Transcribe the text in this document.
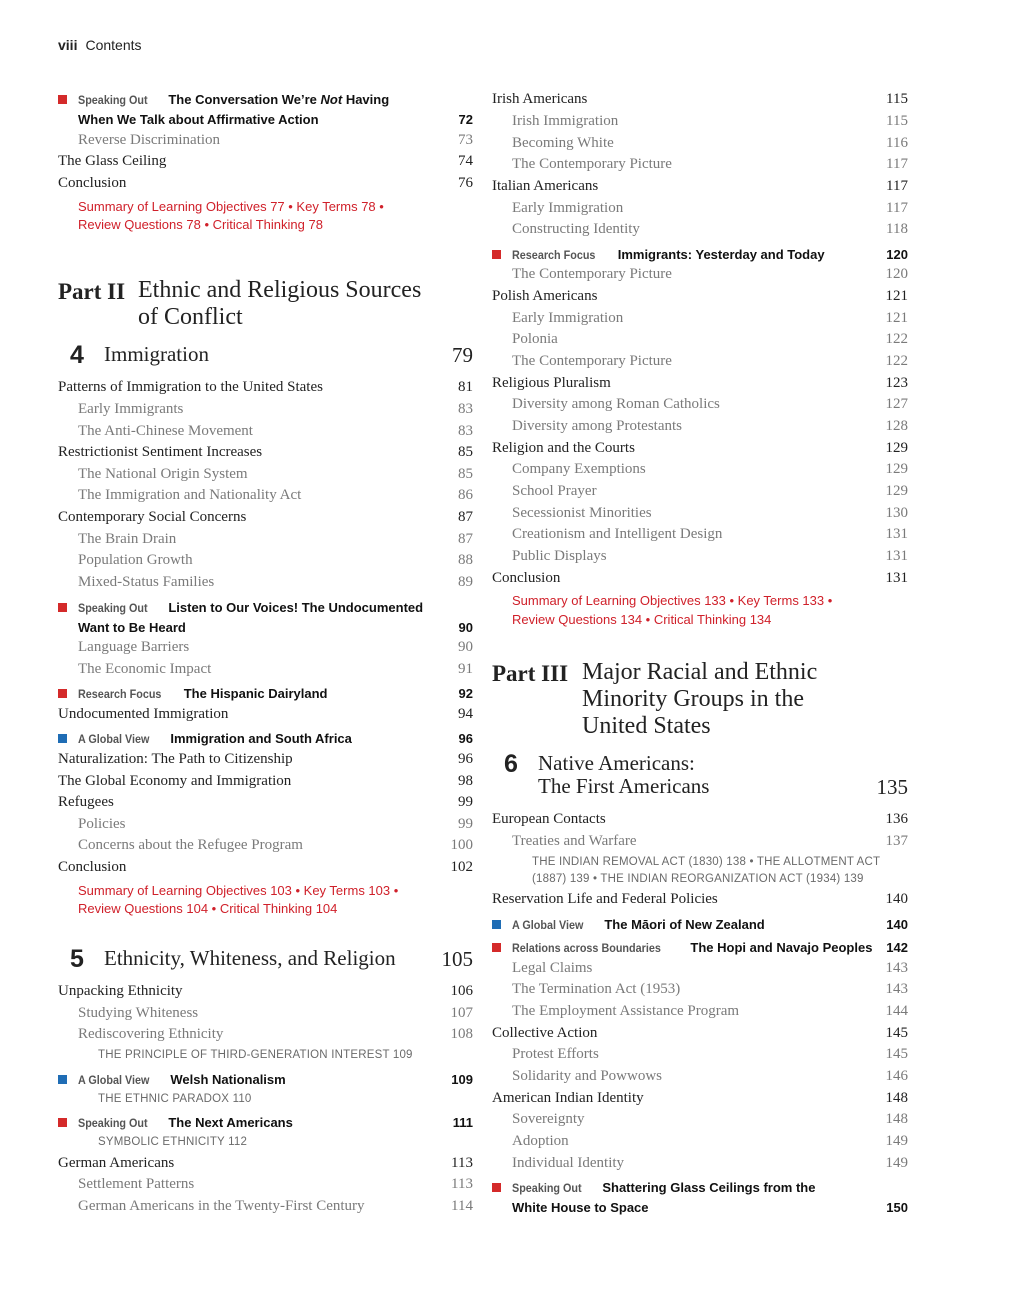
viii Contents
Speaking Out The Conversation We’re Not Having
When We Talk about Affirmative Action	72
Reverse Discrimination	73
The Glass Ceiling	74
Conclusion	76
Summary of Learning Objectives 77 • Key Terms 78 •
Review Questions 78 • Critical Thinking 78
Part II Ethnic and Religious Sources
of Conflict
4 Immigration	79
Patterns of Immigration to the United States	81
Early Immigrants	83
The Anti-Chinese Movement	83
Restrictionist Sentiment Increases	85
The National Origin System	85
The Immigration and Nationality Act	86
Contemporary Social Concerns	87
The Brain Drain	87
Population Growth	88
Mixed-Status Families	89
Speaking Out Listen to Our Voices! The Undocumented
Want to Be Heard	90
Language Barriers	90
The Economic Impact	91
Research Focus The Hispanic Dairyland	92
Undocumented Immigration	94
A Global View Immigration and South Africa	96
Naturalization: The Path to Citizenship	96
The Global Economy and Immigration	98
Refugees	99
Policies	99
Concerns about the Refugee Program	100
Conclusion	102
Summary of Learning Objectives 103 • Key Terms 103 •
Review Questions 104 • Critical Thinking 104
5 Ethnicity, Whiteness, and Religion 105
Unpacking Ethnicity	106
Studying Whiteness	107
Rediscovering Ethnicity	108
THE PRINCIPLE OF THIRD-GENERATION INTEREST 109
A Global View Welsh Nationalism	109
THE ETHNIC PARADOX 110
Speaking Out The Next Americans	111
SYMBOLIC ETHNICITY 112
German Americans	113
Settlement Patterns	113
German Americans in the Twenty-First Century	114
Irish Americans	115
Irish Immigration	115
Becoming White	116
The Contemporary Picture	117
Italian Americans	117
Early Immigration	117
Constructing Identity	118
Research Focus Immigrants: Yesterday and Today	120
The Contemporary Picture	120
Polish Americans	121
Early Immigration	121
Polonia	122
The Contemporary Picture	122
Religious Pluralism	123
Diversity among Roman Catholics	127
Diversity among Protestants	128
Religion and the Courts	129
Company Exemptions	129
School Prayer	129
Secessionist Minorities	130
Creationism and Intelligent Design	131
Public Displays	131
Conclusion	131
Summary of Learning Objectives 133 • Key Terms 133 •
Review Questions 134 • Critical Thinking 134
Part III Major Racial and Ethnic
Minority Groups in the
United States
6 Native Americans:
The First Americans	135
European Contacts	136
Treaties and Warfare	137
THE INDIAN REMOVAL ACT (1830) 138 • THE ALLOTMENT ACT
(1887) 139 • THE INDIAN REORGANIZATION ACT (1934) 139
Reservation Life and Federal Policies	140
A Global View The Māori of New Zealand	140
Relations across Boundaries The Hopi and Navajo Peoples 142
Legal Claims	143
The Termination Act (1953)	143
The Employment Assistance Program	144
Collective Action	145
Protest Efforts	145
Solidarity and Powwows	146
American Indian Identity	148
Sovereignty	148
Adoption	149
Individual Identity	149
Speaking Out Shattering Glass Ceilings from the
White House to Space	150
